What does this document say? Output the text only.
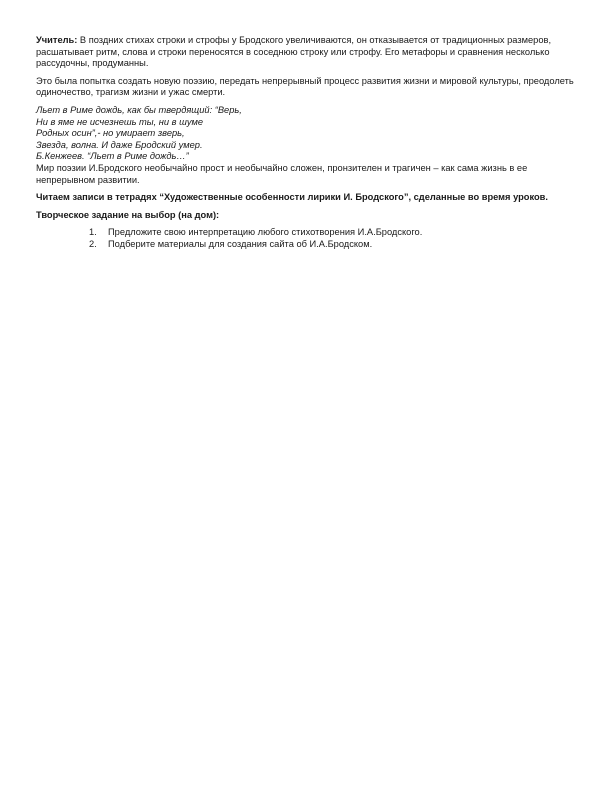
Учитель: В поздних стихах строки и строфы у Бродского увеличиваются, он отказывается от традиционных размеров, расшатывает ритм, слова и строки переносятся в соседнюю строку или строфу. Его метафоры и сравнения несколько рассудочны, продуманны.

Это была попытка создать новую поэзию, передать непрерывный процесс развития жизни и мировой культуры, преодолеть одиночество, трагизм жизни и ужас смерти.

Льет в Риме дождь, как бы твердящий: “Верь,
Ни в яме не исчезнешь ты, ни в шуме
Родных осин”,- но умирает зверь,
Звезда, волна. И даже Бродский умер.
Б.Кенжеев. “Льет в Риме дождь…”
Мир поэзии И.Бродского необычайно прост и необычайно сложен, пронзителен и трагичен – как сама жизнь в ее непрерывном развитии.

Читаем записи в тетрадях “Художественные особенности лирики И. Бродского”, сделанные во время уроков.

Творческое задание на выбор (на дом):

1. Предложите свою интерпретацию любого стихотворения И.А.Бродского.
2. Подберите материалы для создания сайта об И.А.Бродском.
